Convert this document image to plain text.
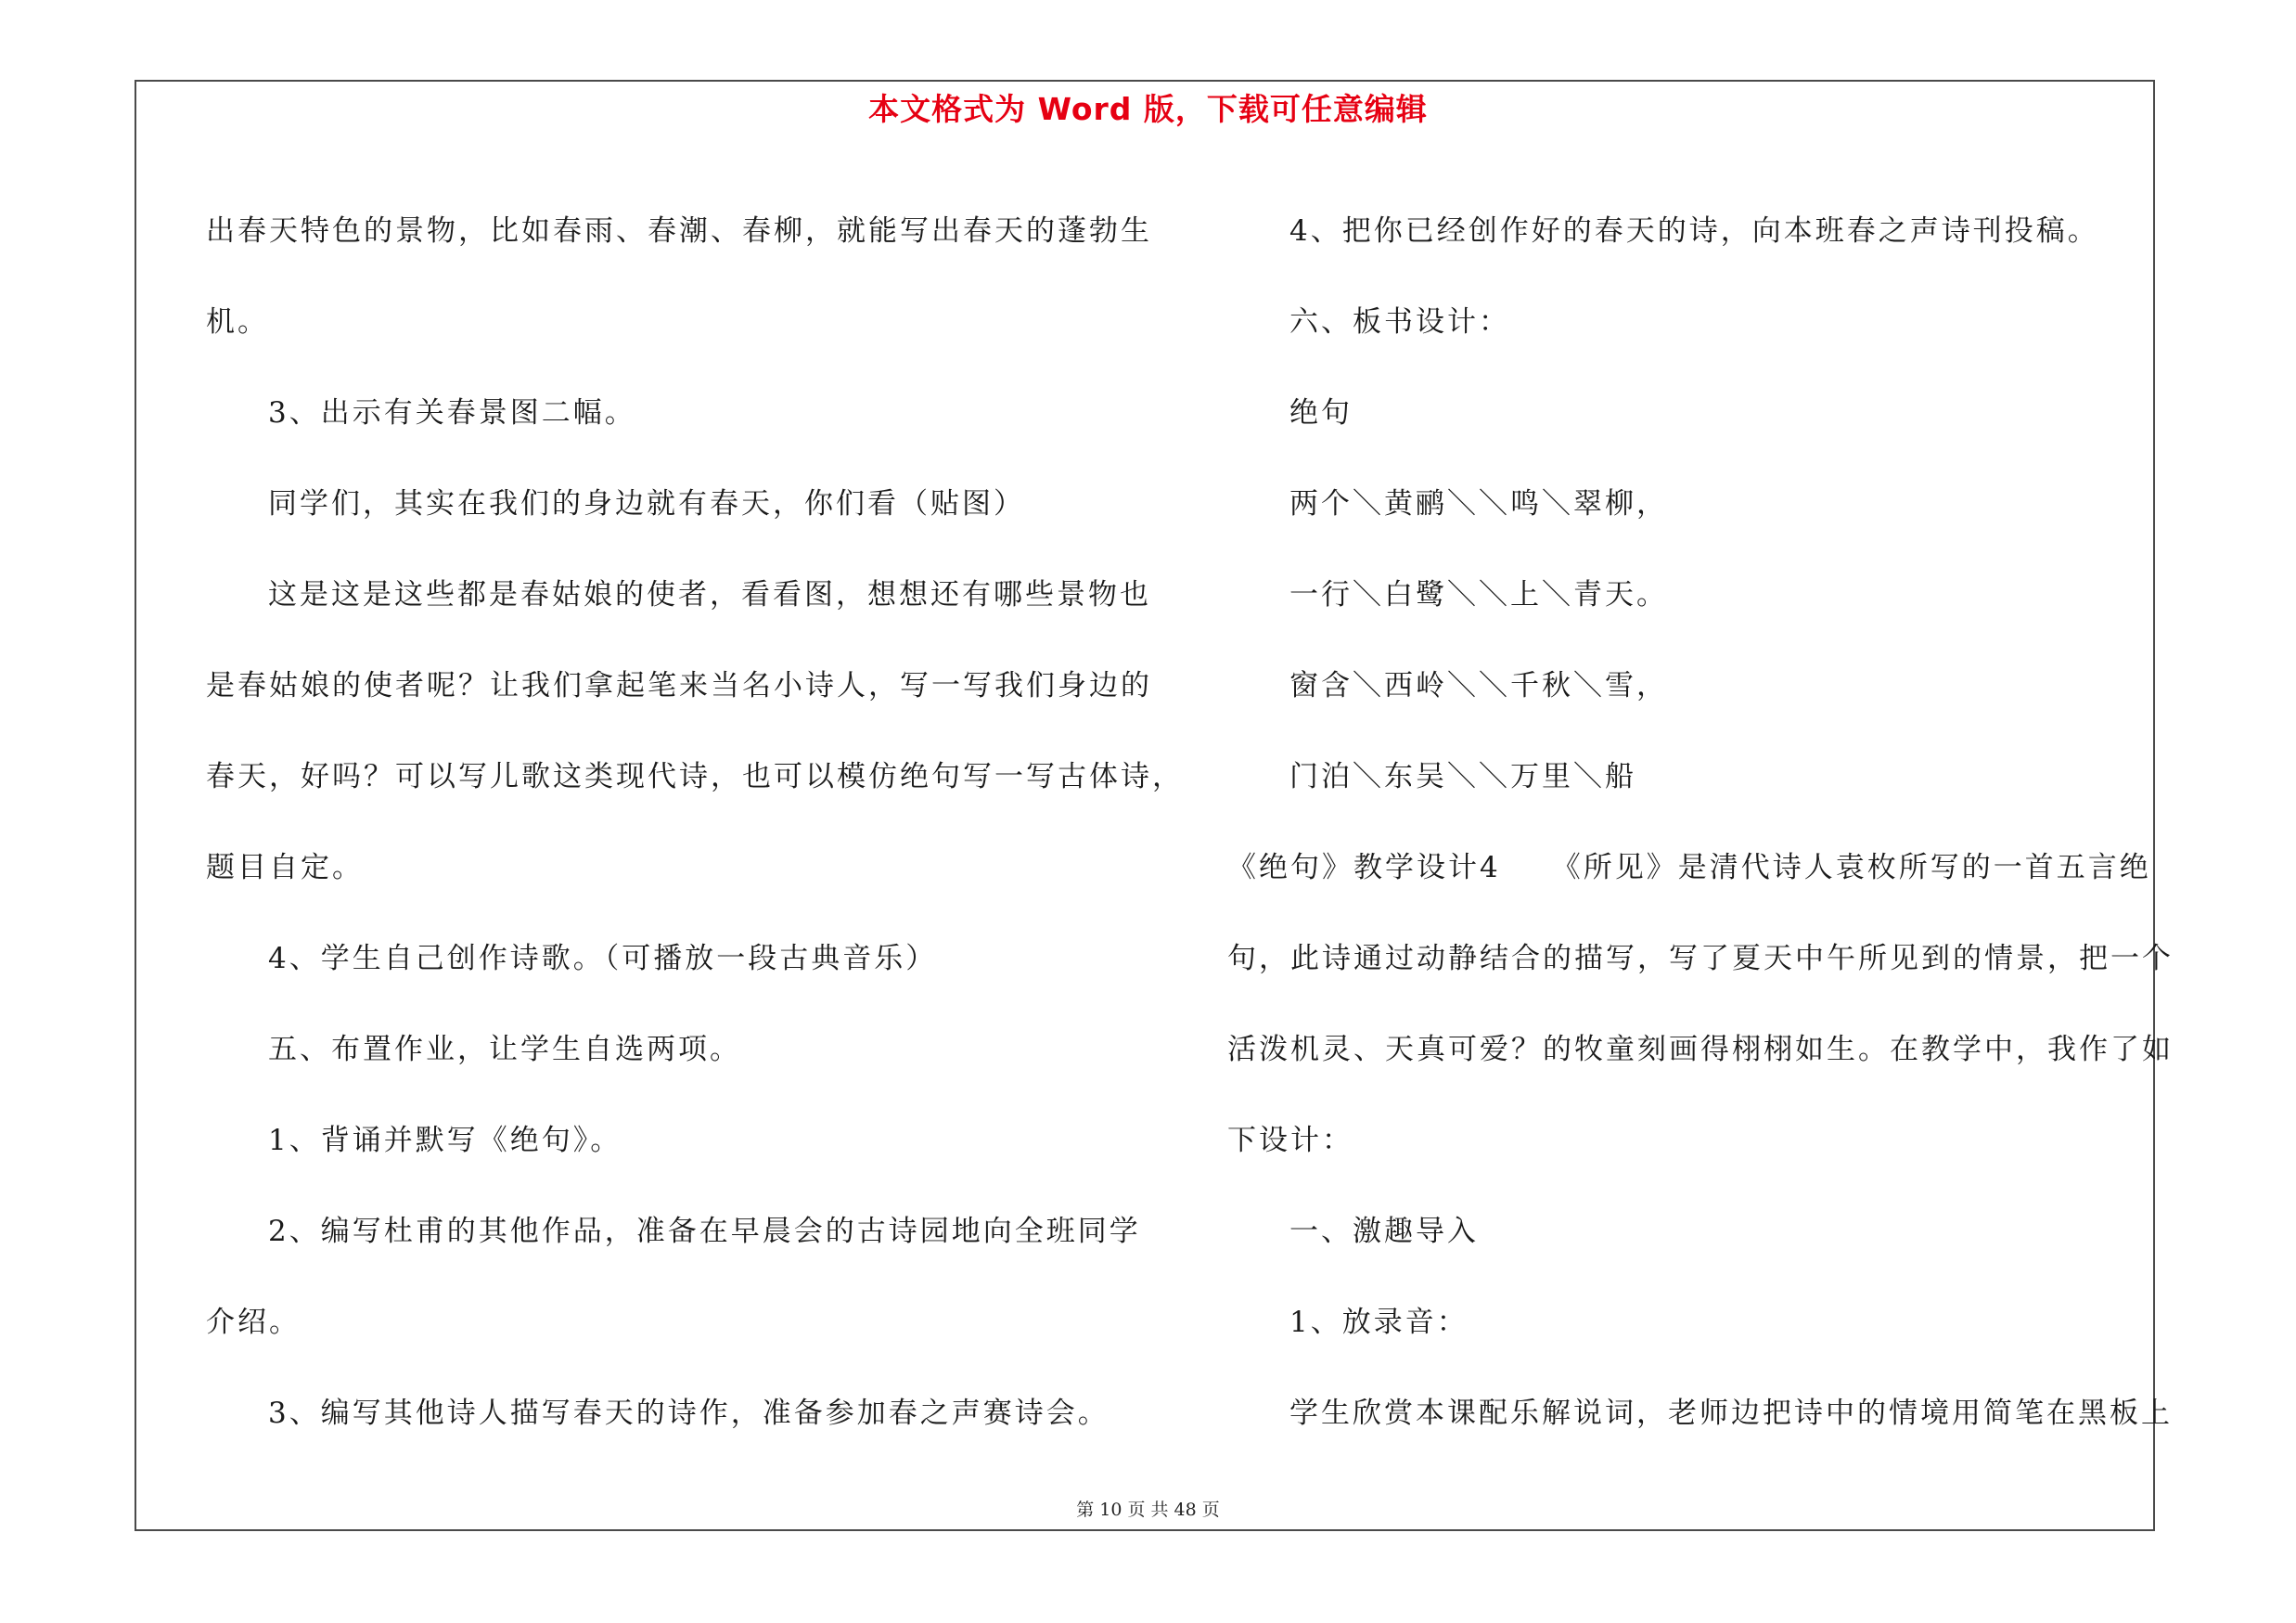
本文格式为 Word 版，下载可任意编辑
出 春 天 特 色 的 景 物 ， 比 如 春 雨 、 春 潮 、 春 柳 ， 就 能 写 出 春 天 的 蓬 勃 生
机。
3、出示有关春景图二幅。
同学们，其实在我们的身边就有春天，你们看（贴图）
这 是 这 是 这 些 都 是 春 姑 娘 的 使 者 ， 看 看 图 ， 想 想 还 有 哪 些 景 物 也
是 春 姑 娘 的 使 者 呢 ？ 让 我 们 拿 起 笔 来 当 名 小 诗 人 ， 写 一 写 我 们 身 边 的
春 天 ， 好 吗 ？ 可 以 写 儿 歌 这 类 现 代 诗 ， 也 可 以 模 仿 绝 句 写 一 写 古 体 诗 ，
题目自定。
4、学生自己创作诗歌。（可播放一段古典音乐）
五、布置作业，让学生自选两项。
1、背诵并默写《绝句》。
2 、 编 写 杜 甫 的 其 他 作 品 ， 准 备 在 早 晨 会 的 古 诗 园 地 向 全 班 同 学
介绍。
3、编写其他诗人描写春天的诗作，准备参加春之声赛诗会。
4、把你已经创作好的春天的诗，向本班春之声诗刊投稿。
六、板书设计：
绝句
两个＼黄鹂＼＼鸣＼翠柳，
一行＼白鹭＼＼上＼青天。
窗含＼西岭＼＼千秋＼雪，
门泊＼东吴＼＼万里＼船
《绝句》教学设计4 《所见》是清代诗人袁枚所写的一首五言绝
句 ， 此 诗 通 过 动 静 结 合 的 描 写 ， 写 了 夏 天 中 午 所 见 到 的 情 景 ， 把 一 个
活 泼 机 灵 、 天 真 可 爱 ？ 的 牧 童 刻 画 得 栩 栩 如 生 。 在 教 学 中 ， 我 作 了 如
下设计：
一、激趣导入
1、放录音：
学 生 欣 赏 本 课 配 乐 解 说 词 ， 老 师 边 把 诗 中 的 情 境 用 简 笔 在 黑 板 上
第 10 页 共 48 页
